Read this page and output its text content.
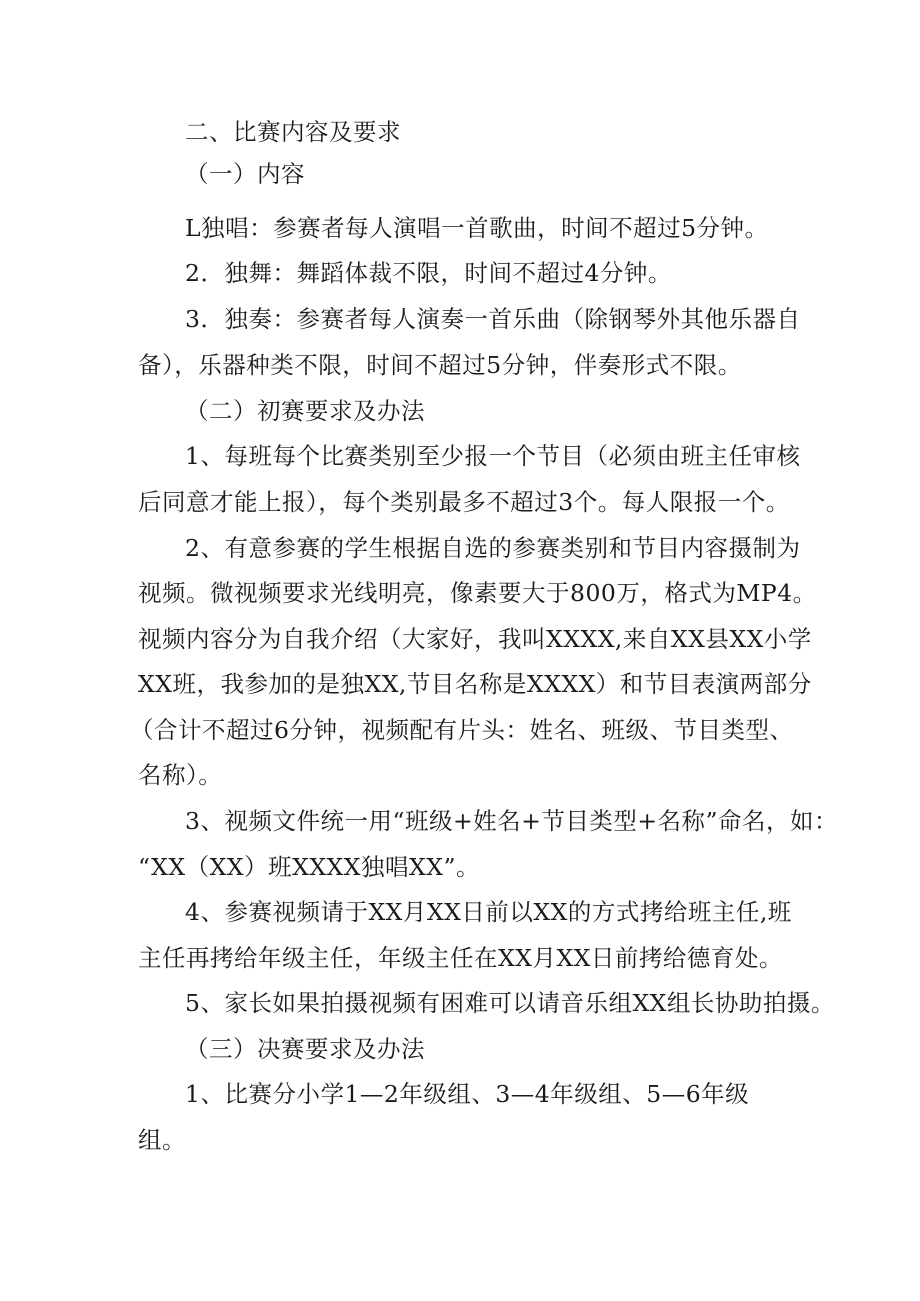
二、比赛内容及要求
（一）内容
L独唱：参赛者每人演唱一首歌曲，时间不超过5分钟。
2．独舞：舞蹈体裁不限，时间不超过4分钟。
3．独奏：参赛者每人演奏一首乐曲（除钢琴外其他乐器自
备），乐器种类不限，时间不超过5分钟，伴奏形式不限。
（二）初赛要求及办法
1、每班每个比赛类别至少报一个节目（必须由班主任审核
后同意才能上报），每个类别最多不超过3个。每人限报一个。
2、有意参赛的学生根据自选的参赛类别和节目内容摄制为
视频。微视频要求光线明亮，像素要大于800万，格式为MP4。
视频内容分为自我介绍（大家好，我叫XXXX,来自XX县XX小学
XX班，我参加的是独XX,节目名称是XXXX）和节目表演两部分
（合计不超过6分钟，视频配有片头：姓名、班级、节目类型、
名称）。
3、视频文件统一用“班级+姓名+节目类型+名称”命名，如：
“XX（XX）班XXXX独唱XX”。
4、参赛视频请于XX月XX日前以XX的方式拷给班主任,班
主任再拷给年级主任，年级主任在XX月XX日前拷给德育处。
5、家长如果拍摄视频有困难可以请音乐组XX组长协助拍摄。
（三）决赛要求及办法
1、比赛分小学1—2年级组、3—4年级组、5—6年级
组。
